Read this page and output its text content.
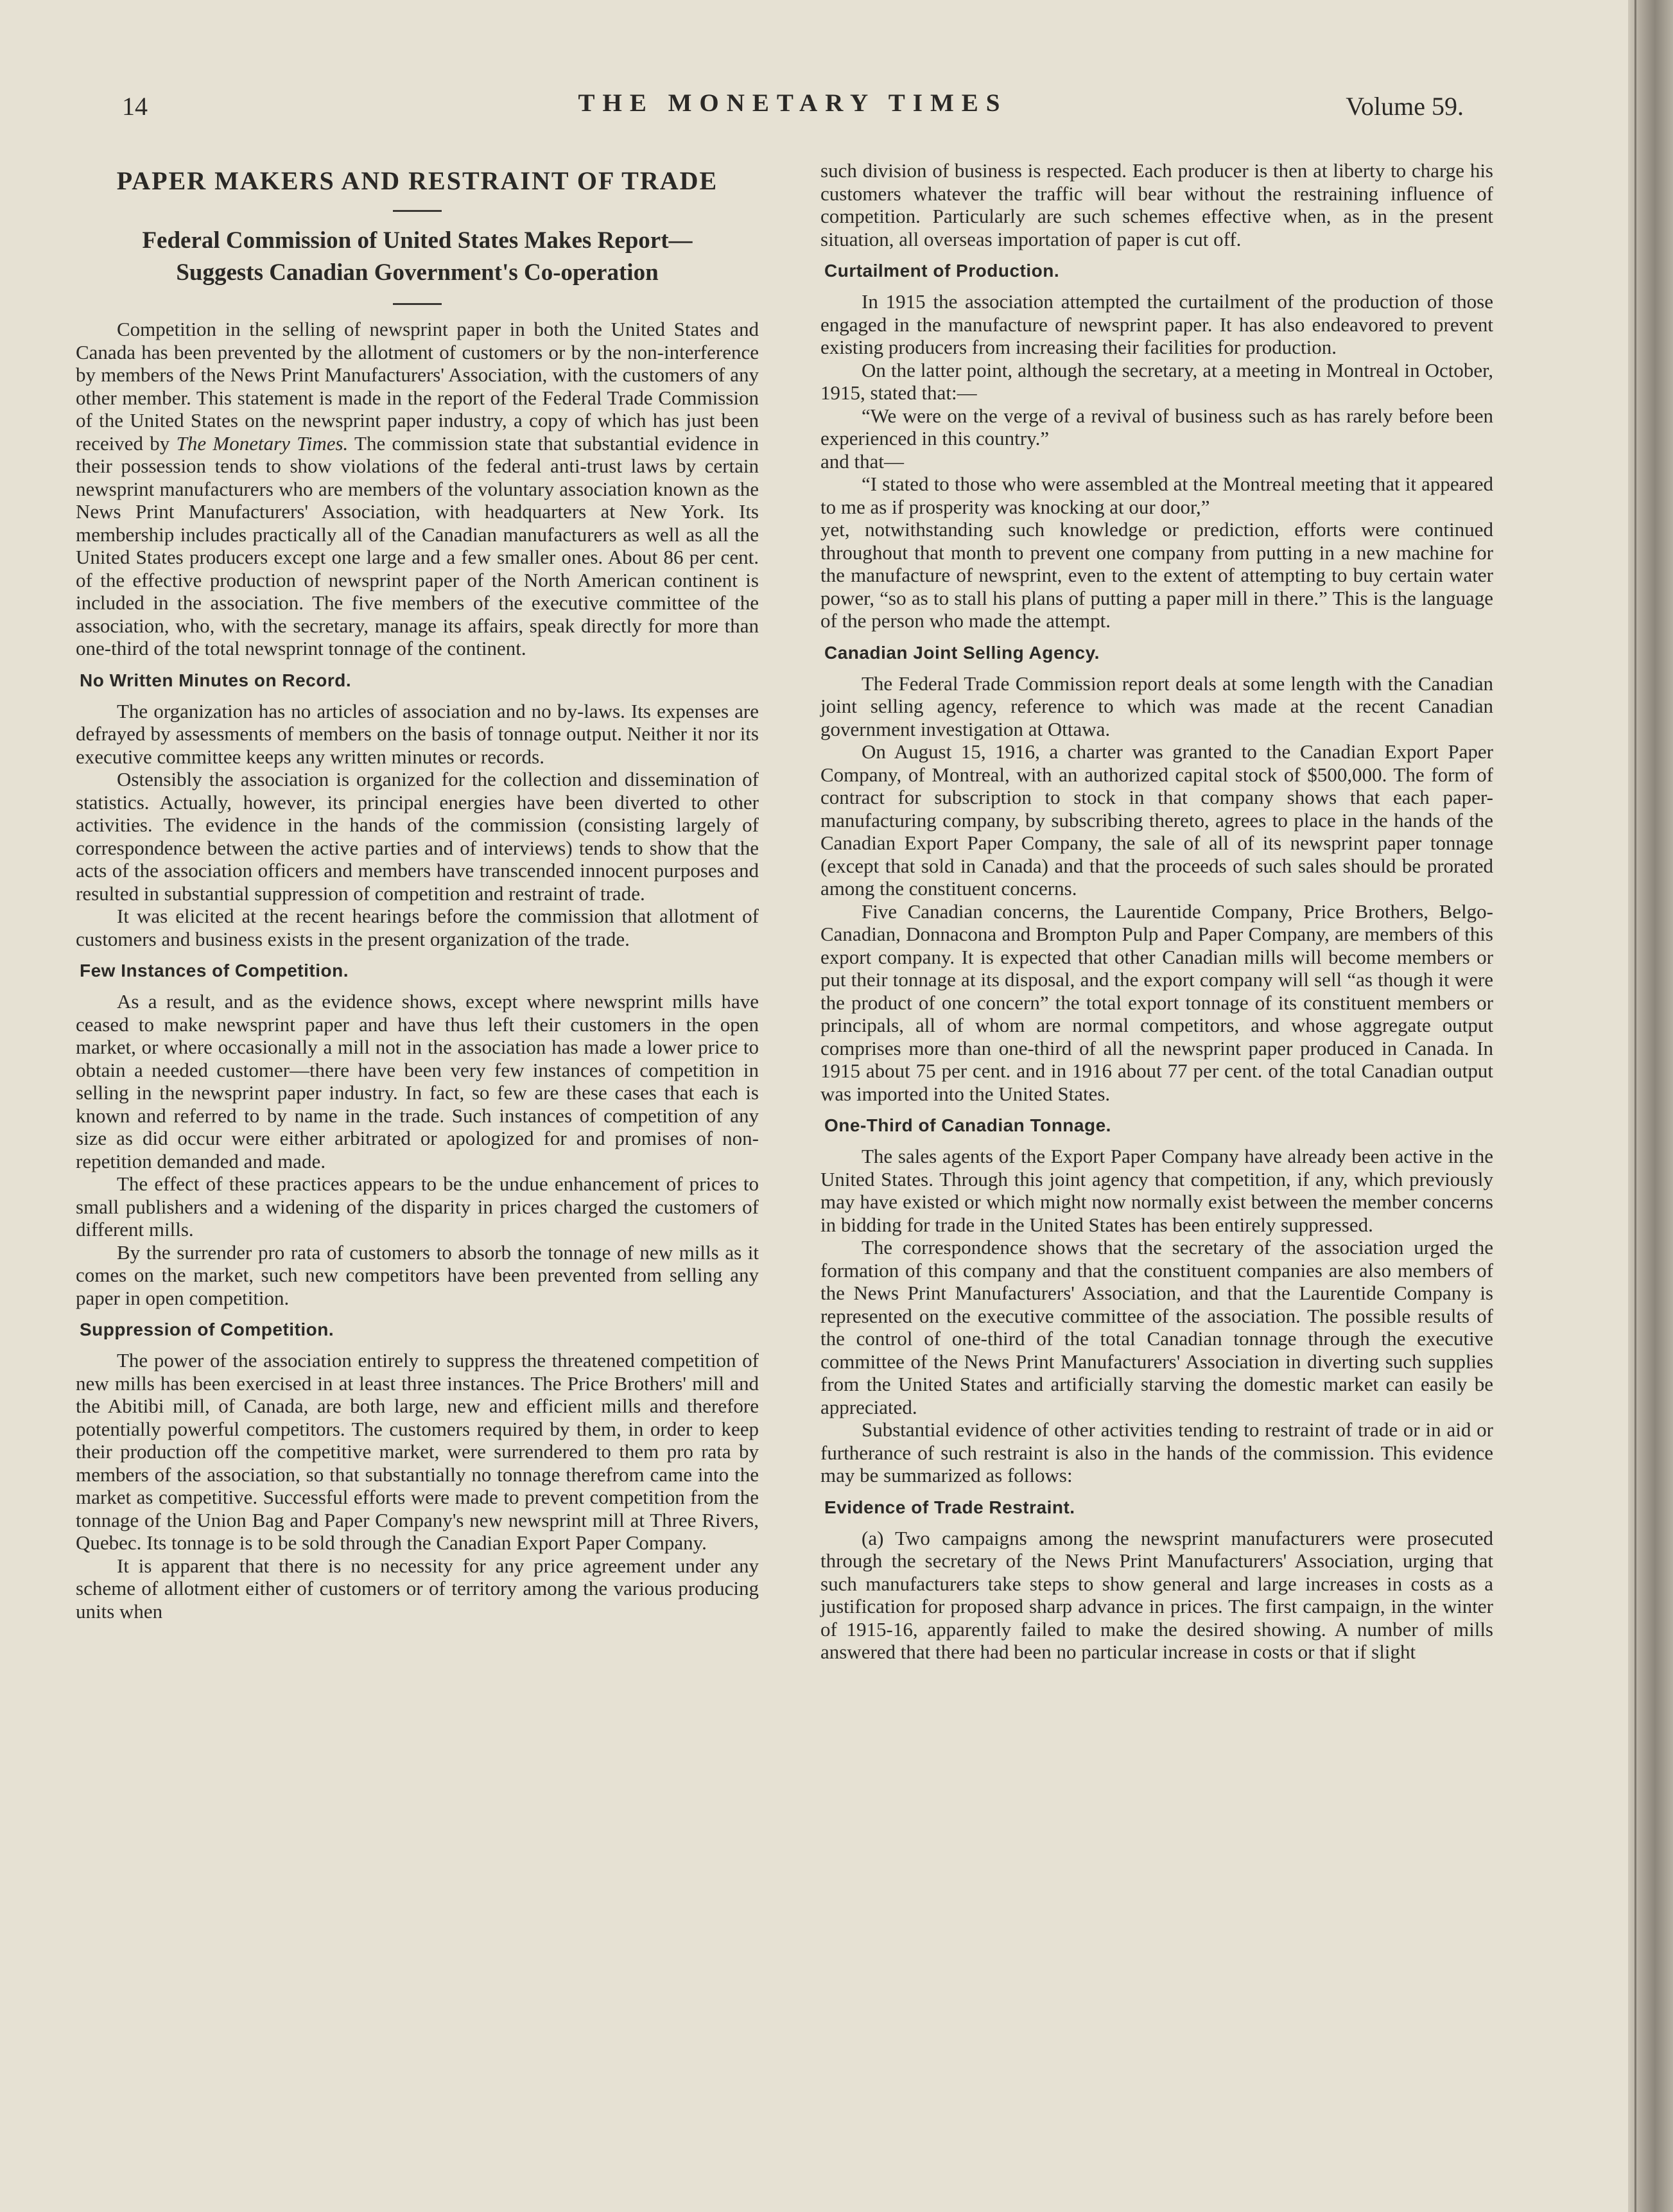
14	THE MONETARY TIMES	Volume 59.
PAPER MAKERS AND RESTRAINT OF TRADE
Federal Commission of United States Makes Report—
Suggests Canadian Government's Co-operation

Competition in the selling of newsprint paper in both the United States and Canada has been prevented by the allotment of customers or by the non-interference by members of the News Print Manufacturers' Association, with the customers of any other member. This statement is made in the report of the Federal Trade Commission of the United States on the newsprint paper industry, a copy of which has just been received by The Monetary Times. The commission state that substantial evidence in their possession tends to show violations of the federal anti-trust laws by certain newsprint manufacturers who are members of the voluntary association known as the News Print Manufacturers' Association, with headquarters at New York. Its membership includes practically all of the Canadian manufacturers as well as all the United States producers except one large and a few smaller ones. About 86 per cent. of the effective production of newsprint paper of the North American continent is included in the association. The five members of the executive committee of the association, who, with the secretary, manage its affairs, speak directly for more than one-third of the total newsprint tonnage of the continent.

No Written Minutes on Record.

The organization has no articles of association and no by-laws. Its expenses are defrayed by assessments of members on the basis of tonnage output. Neither it nor its executive committee keeps any written minutes or records.

Ostensibly the association is organized for the collection and dissemination of statistics. Actually, however, its principal energies have been diverted to other activities. The evidence in the hands of the commission (consisting largely of correspondence between the active parties and of interviews) tends to show that the acts of the association officers and members have transcended innocent purposes and resulted in substantial suppression of competition and restraint of trade.

It was elicited at the recent hearings before the commission that allotment of customers and business exists in the present organization of the trade.

Few Instances of Competition.

As a result, and as the evidence shows, except where newsprint mills have ceased to make newsprint paper and have thus left their customers in the open market, or where occasionally a mill not in the association has made a lower price to obtain a needed customer—there have been very few instances of competition in selling in the newsprint paper industry. In fact, so few are these cases that each is known and referred to by name in the trade. Such instances of competition of any size as did occur were either arbitrated or apologized for and promises of non-repetition demanded and made.

The effect of these practices appears to be the undue enhancement of prices to small publishers and a widening of the disparity in prices charged the customers of different mills.

By the surrender pro rata of customers to absorb the tonnage of new mills as it comes on the market, such new competitors have been prevented from selling any paper in open competition.

Suppression of Competition.

The power of the association entirely to suppress the threatened competition of new mills has been exercised in at least three instances. The Price Brothers' mill and the Abitibi mill, of Canada, are both large, new and efficient mills and therefore potentially powerful competitors. The customers required by them, in order to keep their production off the competitive market, were surrendered to them pro rata by members of the association, so that substantially no tonnage therefrom came into the market as competitive. Successful efforts were made to prevent competition from the tonnage of the Union Bag and Paper Company's new newsprint mill at Three Rivers, Quebec. Its tonnage is to be sold through the Canadian Export Paper Company.

It is apparent that there is no necessity for any price agreement under any scheme of allotment either of customers or of territory among the various producing units when

such division of business is respected. Each producer is then at liberty to charge his customers whatever the traffic will bear without the restraining influence of competition. Particularly are such schemes effective when, as in the present situation, all overseas importation of paper is cut off.

Curtailment of Production.

In 1915 the association attempted the curtailment of the production of those engaged in the manufacture of newsprint paper. It has also endeavored to prevent existing producers from increasing their facilities for production.

On the latter point, although the secretary, at a meeting in Montreal in October, 1915, stated that:—

“We were on the verge of a revival of business such as has rarely before been experienced in this country.”

and that—

“I stated to those who were assembled at the Montreal meeting that it appeared to me as if prosperity was knocking at our door,”

yet, notwithstanding such knowledge or prediction, efforts were continued throughout that month to prevent one company from putting in a new machine for the manufacture of newsprint, even to the extent of attempting to buy certain water power, “so as to stall his plans of putting a paper mill in there.” This is the language of the person who made the attempt.

Canadian Joint Selling Agency.

The Federal Trade Commission report deals at some length with the Canadian joint selling agency, reference to which was made at the recent Canadian government investigation at Ottawa.

On August 15, 1916, a charter was granted to the Canadian Export Paper Company, of Montreal, with an authorized capital stock of $500,000. The form of contract for subscription to stock in that company shows that each paper-manufacturing company, by subscribing thereto, agrees to place in the hands of the Canadian Export Paper Company, the sale of all of its newsprint paper tonnage (except that sold in Canada) and that the proceeds of such sales should be prorated among the constituent concerns.

Five Canadian concerns, the Laurentide Company, Price Brothers, Belgo-Canadian, Donnacona and Brompton Pulp and Paper Company, are members of this export company. It is expected that other Canadian mills will become members or put their tonnage at its disposal, and the export company will sell “as though it were the product of one concern” the total export tonnage of its constituent members or principals, all of whom are normal competitors, and whose aggregate output comprises more than one-third of all the newsprint paper produced in Canada. In 1915 about 75 per cent. and in 1916 about 77 per cent. of the total Canadian output was imported into the United States.

One-Third of Canadian Tonnage.

The sales agents of the Export Paper Company have already been active in the United States. Through this joint agency that competition, if any, which previously may have existed or which might now normally exist between the member concerns in bidding for trade in the United States has been entirely suppressed.

The correspondence shows that the secretary of the association urged the formation of this company and that the constituent companies are also members of the News Print Manufacturers' Association, and that the Laurentide Company is represented on the executive committee of the association. The possible results of the control of one-third of the total Canadian tonnage through the executive committee of the News Print Manufacturers' Association in diverting such supplies from the United States and artificially starving the domestic market can easily be appreciated.

Substantial evidence of other activities tending to restraint of trade or in aid or furtherance of such restraint is also in the hands of the commission. This evidence may be summarized as follows:

Evidence of Trade Restraint.

(a) Two campaigns among the newsprint manufacturers were prosecuted through the secretary of the News Print Manufacturers' Association, urging that such manufacturers take steps to show general and large increases in costs as a justification for proposed sharp advance in prices. The first campaign, in the winter of 1915-16, apparently failed to make the desired showing. A number of mills answered that there had been no particular increase in costs or that if slight
